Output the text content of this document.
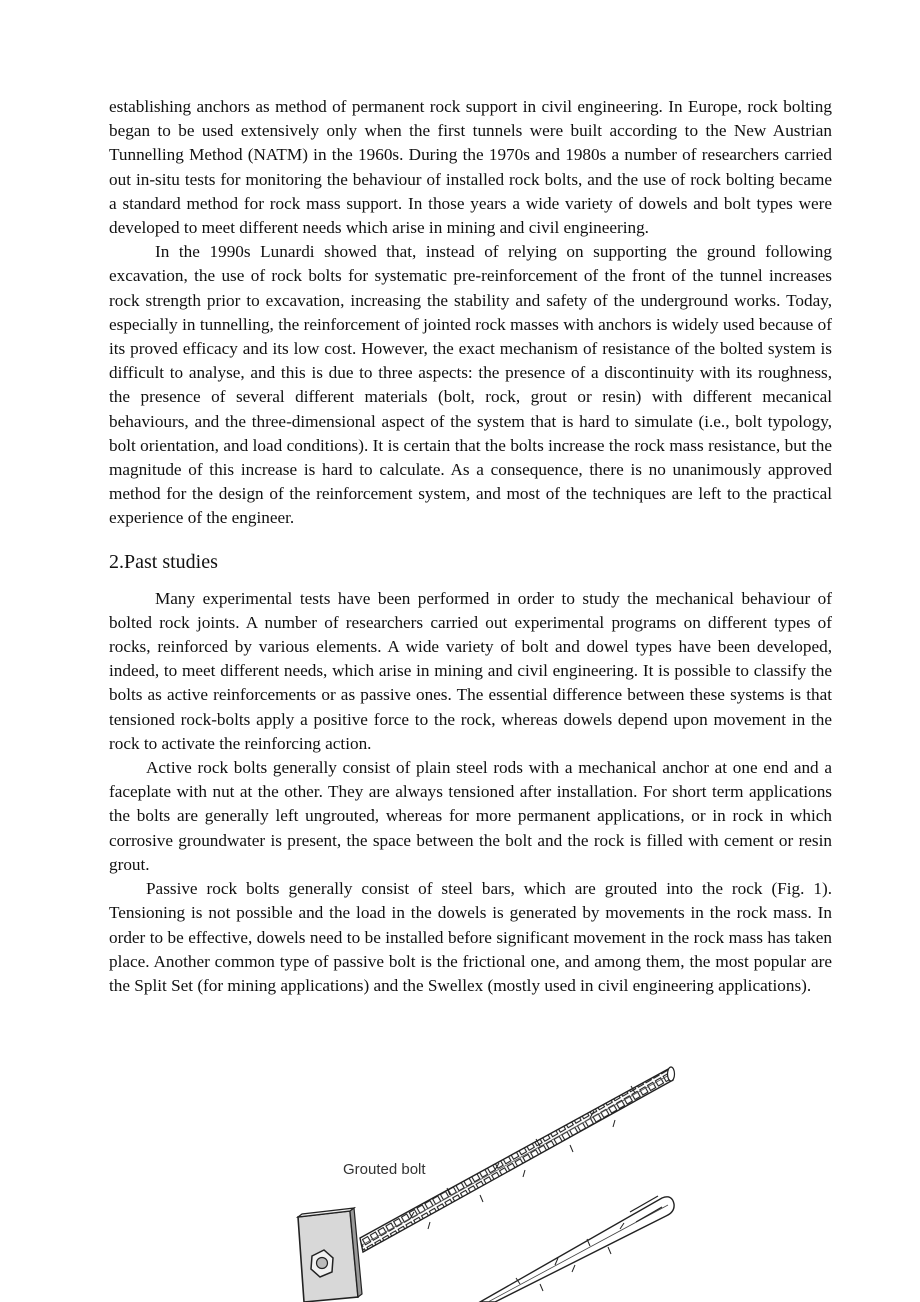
establishing anchors as method of permanent rock support in civil engineering. In Europe, rock bolting began to be used extensively only when the first tunnels were built according to the New Austrian Tunnelling Method (NATM) in the 1960s. During the 1970s and 1980s a number of researchers carried out in-situ tests for monitoring the behaviour of installed rock bolts, and the use of rock bolting became a standard method for rock mass support. In those years a wide variety of dowels and bolt types were developed to meet different needs which arise in mining and civil engineering.

In the 1990s Lunardi showed that, instead of relying on supporting the ground following excavation, the use of rock bolts for systematic pre-reinforcement of the front of the tunnel increases rock strength prior to excavation, increasing the stability and safety of the underground works. Today, especially in tunnelling, the reinforcement of jointed rock masses with anchors is widely used because of its proved efficacy and its low cost. However, the exact mechanism of resistance of the bolted system is difficult to analyse, and this is due to three aspects: the presence of a discontinuity with its roughness, the presence of several different materials (bolt, rock, grout or resin) with different mecanical behaviours, and the three-dimensional aspect of the system that is hard to simulate (i.e., bolt typology, bolt orientation, and load conditions). It is certain that the bolts increase the rock mass resistance, but the magnitude of this increase is hard to calculate. As a consequence, there is no unanimously approved method for the design of the reinforcement system, and most of the techniques are left to the practical experience of the engineer.

2.Past studies

Many experimental tests have been performed in order to study the mechanical behaviour of bolted rock joints. A number of researchers carried out experimental programs on different types of rocks, reinforced by various elements. A wide variety of bolt and dowel types have been developed, indeed, to meet different needs, which arise in mining and civil engineering. It is possible to classify the bolts as active reinforcements or as passive ones. The essential difference between these systems is that tensioned rock-bolts apply a positive force to the rock, whereas dowels depend upon movement in the rock to activate the reinforcing action.

Active rock bolts generally consist of plain steel rods with a mechanical anchor at one end and a faceplate with nut at the other. They are always tensioned after installation. For short term applications the bolts are generally left ungrouted, whereas for more permanent applications, or in rock in which corrosive groundwater is present, the space between the bolt and the rock is filled with cement or resin grout.

Passive rock bolts generally consist of steel bars, which are grouted into the rock (Fig. 1). Tensioning is not possible and the load in the dowels is generated by movements in the rock mass. In order to be effective, dowels need to be installed before significant movement in the rock mass has taken place. Another common type of passive bolt is the frictional one, and among them, the most popular are the Split Set (for mining applications) and the Swellex (mostly used in civil engineering applications).

Grouted bolt
